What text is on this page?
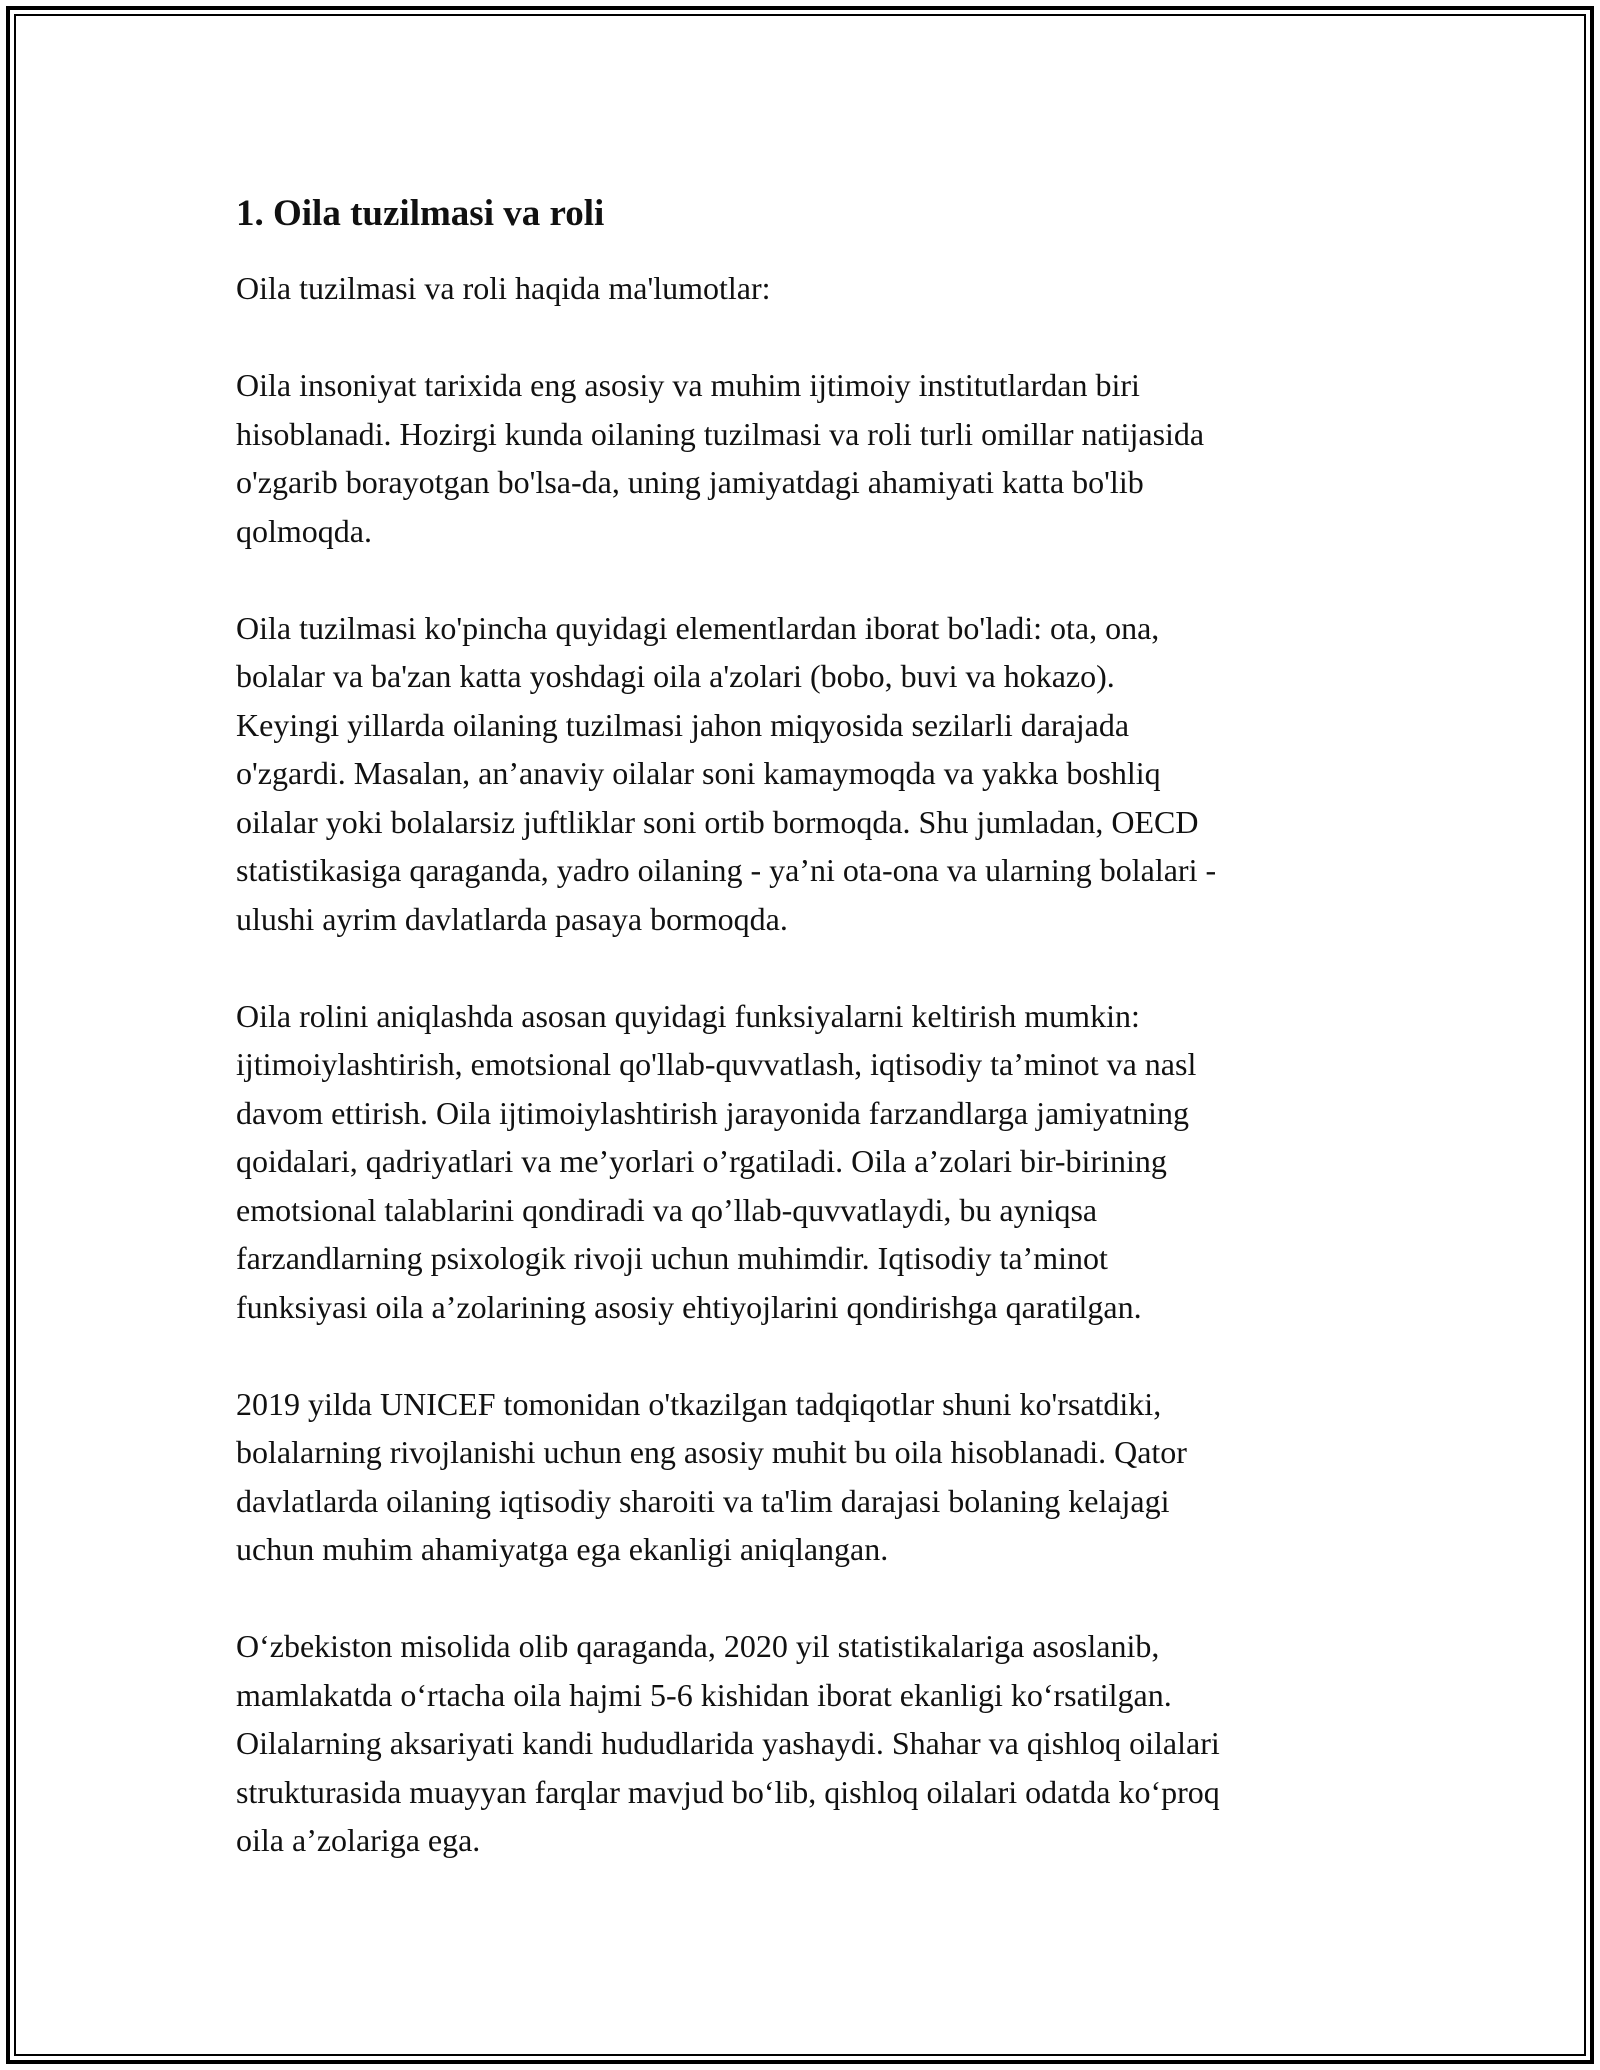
1. Oila tuzilmasi va roli

Oila tuzilmasi va roli haqida ma'lumotlar:

Oila insoniyat tarixida eng asosiy va muhim ijtimoiy institutlardan biri
hisoblanadi. Hozirgi kunda oilaning tuzilmasi va roli turli omillar natijasida
o'zgarib borayotgan bo'lsa-da, uning jamiyatdagi ahamiyati katta bo'lib
qolmoqda.

Oila tuzilmasi ko'pincha quyidagi elementlardan iborat bo'ladi: ota, ona,
bolalar va ba'zan katta yoshdagi oila a'zolari (bobo, buvi va hokazo).
Keyingi yillarda oilaning tuzilmasi jahon miqyosida sezilarli darajada
o'zgardi. Masalan, an’anaviy oilalar soni kamaymoqda va yakka boshliq
oilalar yoki bolalarsiz juftliklar soni ortib bormoqda. Shu jumladan, OECD
statistikasiga qaraganda, yadro oilaning - ya’ni ota-ona va ularning bolalari -
ulushi ayrim davlatlarda pasaya bormoqda.

Oila rolini aniqlashda asosan quyidagi funksiyalarni keltirish mumkin:
ijtimoiylashtirish, emotsional qo'llab-quvvatlash, iqtisodiy ta’minot va nasl
davom ettirish. Oila ijtimoiylashtirish jarayonida farzandlarga jamiyatning
qoidalari, qadriyatlari va me’yorlari o’rgatiladi. Oila a’zolari bir-birining
emotsional talablarini qondiradi va qo’llab-quvvatlaydi, bu ayniqsa
farzandlarning psixologik rivoji uchun muhimdir. Iqtisodiy ta’minot
funksiyasi oila a’zolarining asosiy ehtiyojlarini qondirishga qaratilgan.

2019 yilda UNICEF tomonidan o'tkazilgan tadqiqotlar shuni ko'rsatdiki,
bolalarning rivojlanishi uchun eng asosiy muhit bu oila hisoblanadi. Qator
davlatlarda oilaning iqtisodiy sharoiti va ta'lim darajasi bolaning kelajagi
uchun muhim ahamiyatga ega ekanligi aniqlangan.

O‘zbekiston misolida olib qaraganda, 2020 yil statistikalariga asoslanib,
mamlakatda o‘rtacha oila hajmi 5-6 kishidan iborat ekanligi ko‘rsatilgan.
Oilalarning aksariyati kandi hududlarida yashaydi. Shahar va qishloq oilalari
strukturasida muayyan farqlar mavjud bo‘lib, qishloq oilalari odatda ko‘proq
oila a’zolariga ega.
